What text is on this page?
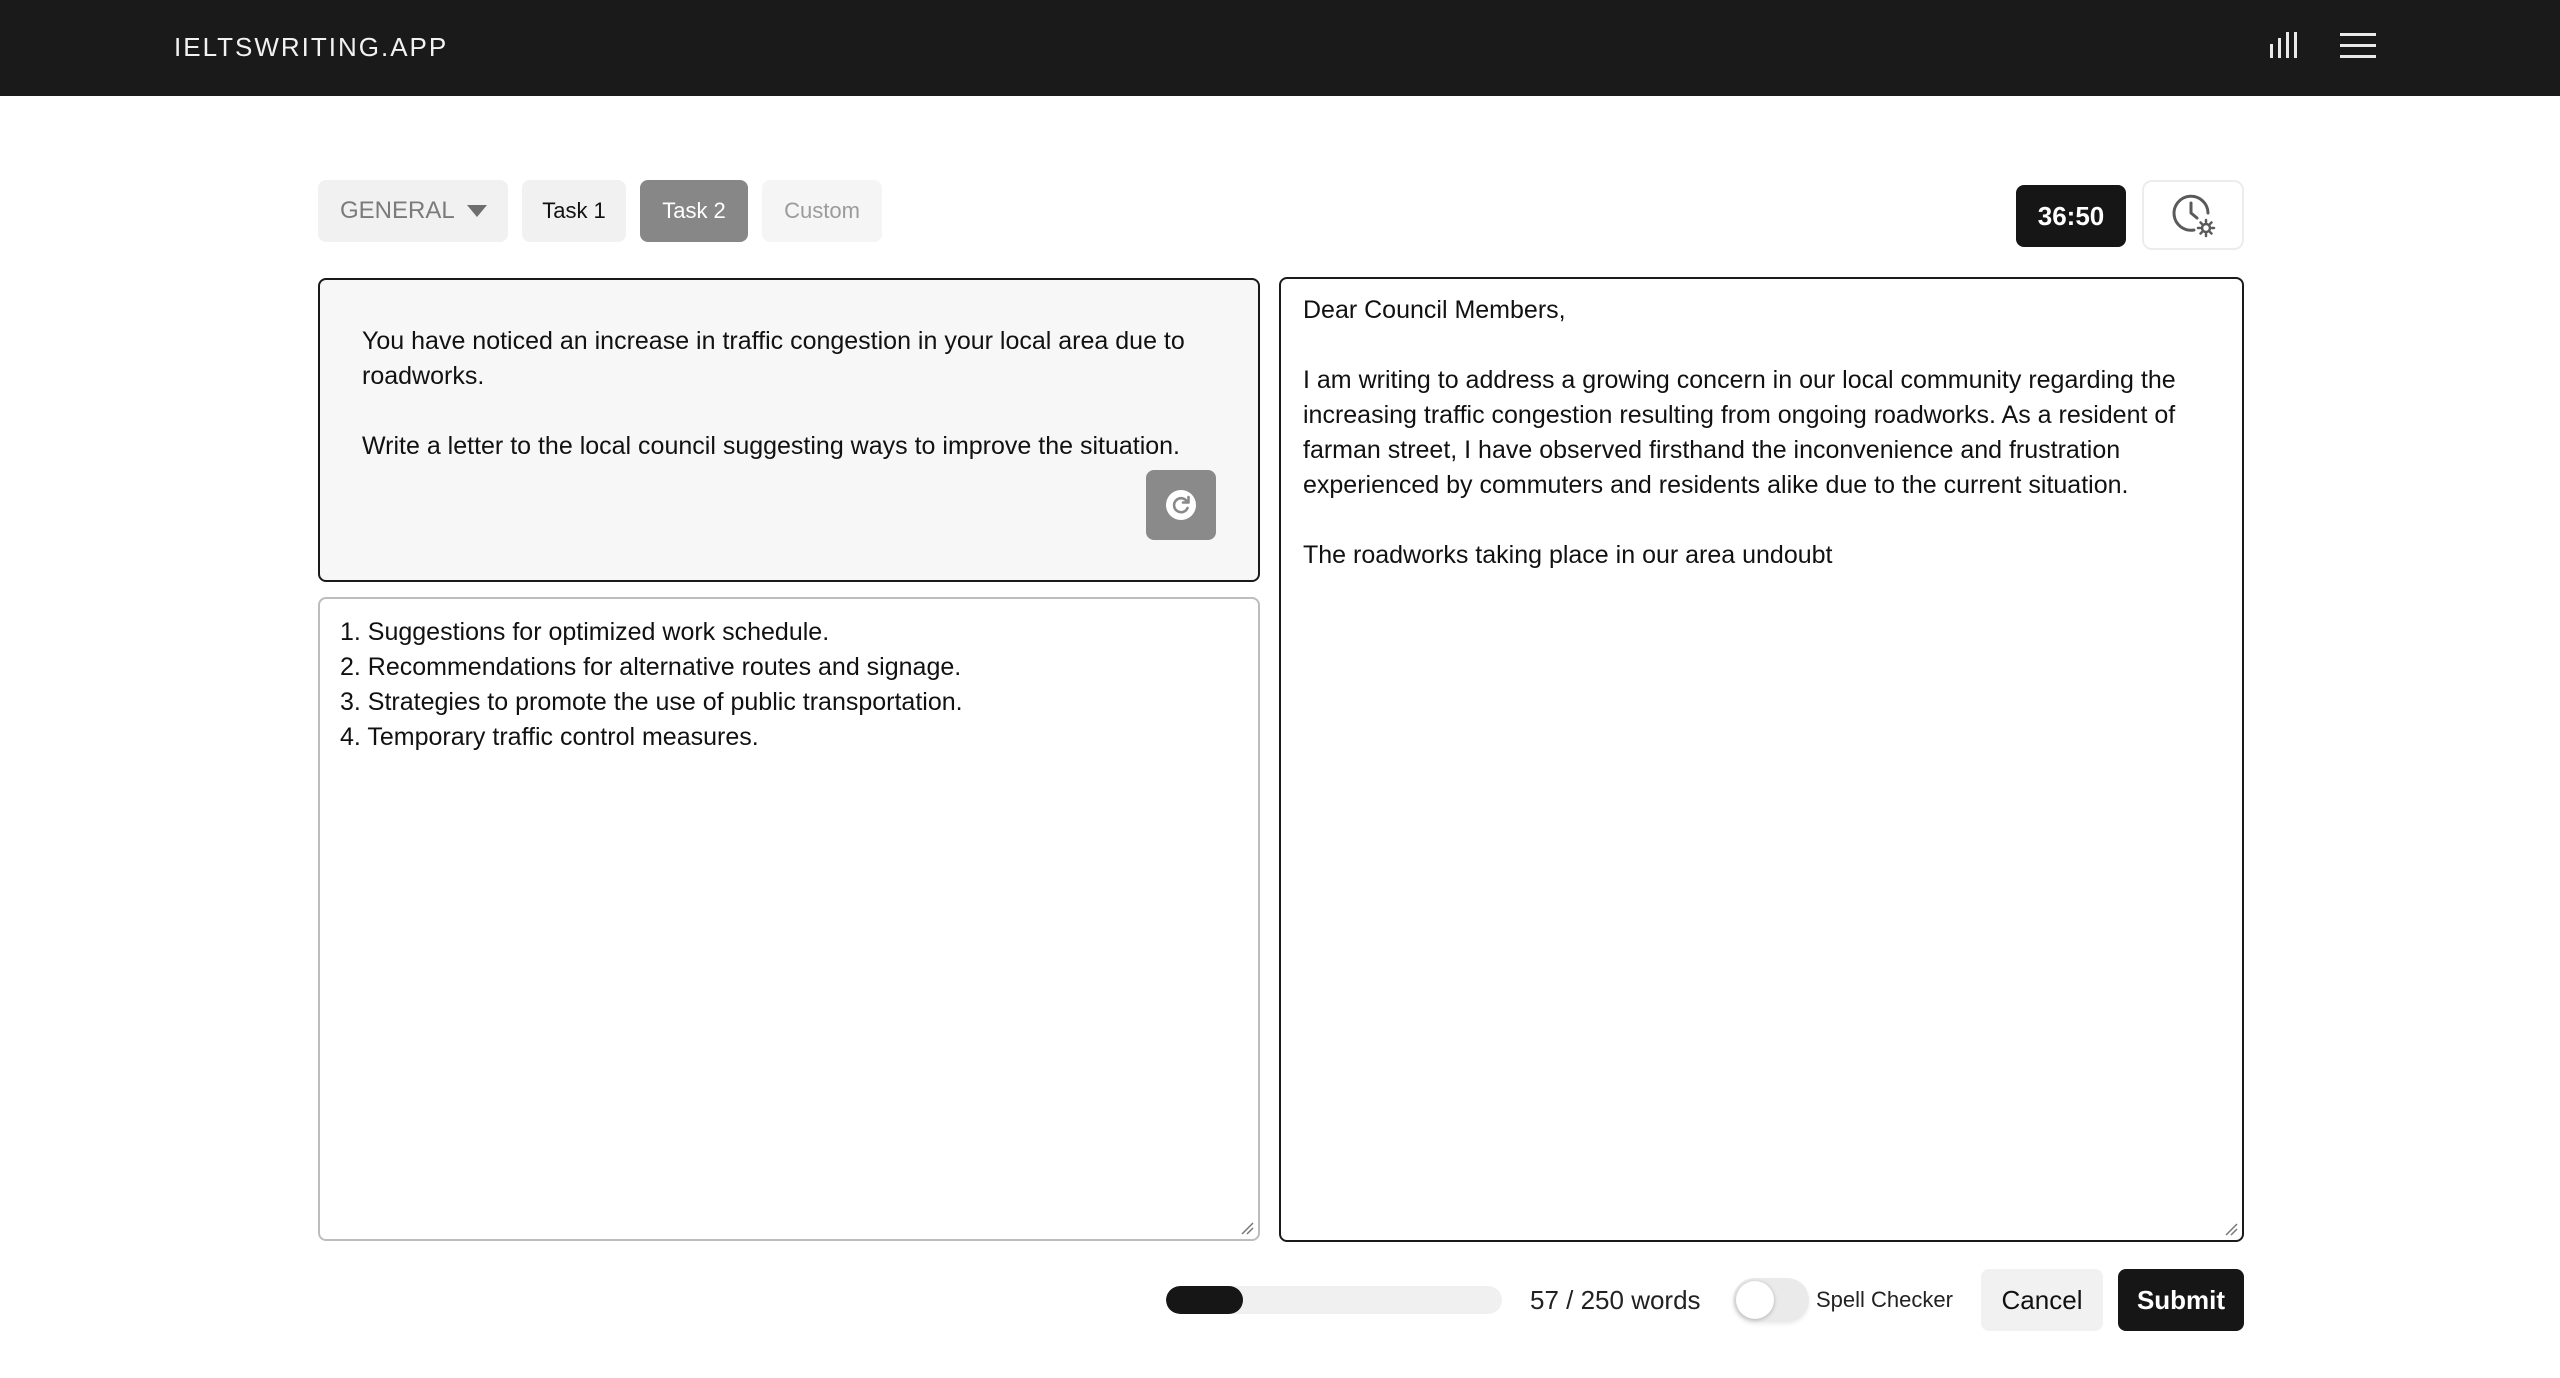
IELTSWRITING.APP
GENERAL	Task 1	Task 2	Custom	36:50

You have noticed an increase in traffic congestion in your local area due to roadworks.

Write a letter to the local council suggesting ways to improve the situation.

1. Suggestions for optimized work schedule.
2. Recommendations for alternative routes and signage.
3. Strategies to promote the use of public transportation.
4. Temporary traffic control measures.

Dear Council Members,

I am writing to address a growing concern in our local community regarding the increasing traffic congestion resulting from ongoing roadworks. As a resident of farman street, I have observed firsthand the inconvenience and frustration experienced by commuters and residents alike due to the current situation.

The roadworks taking place in our area undoubt

57 / 250 words	Spell Checker	Cancel	Submit
